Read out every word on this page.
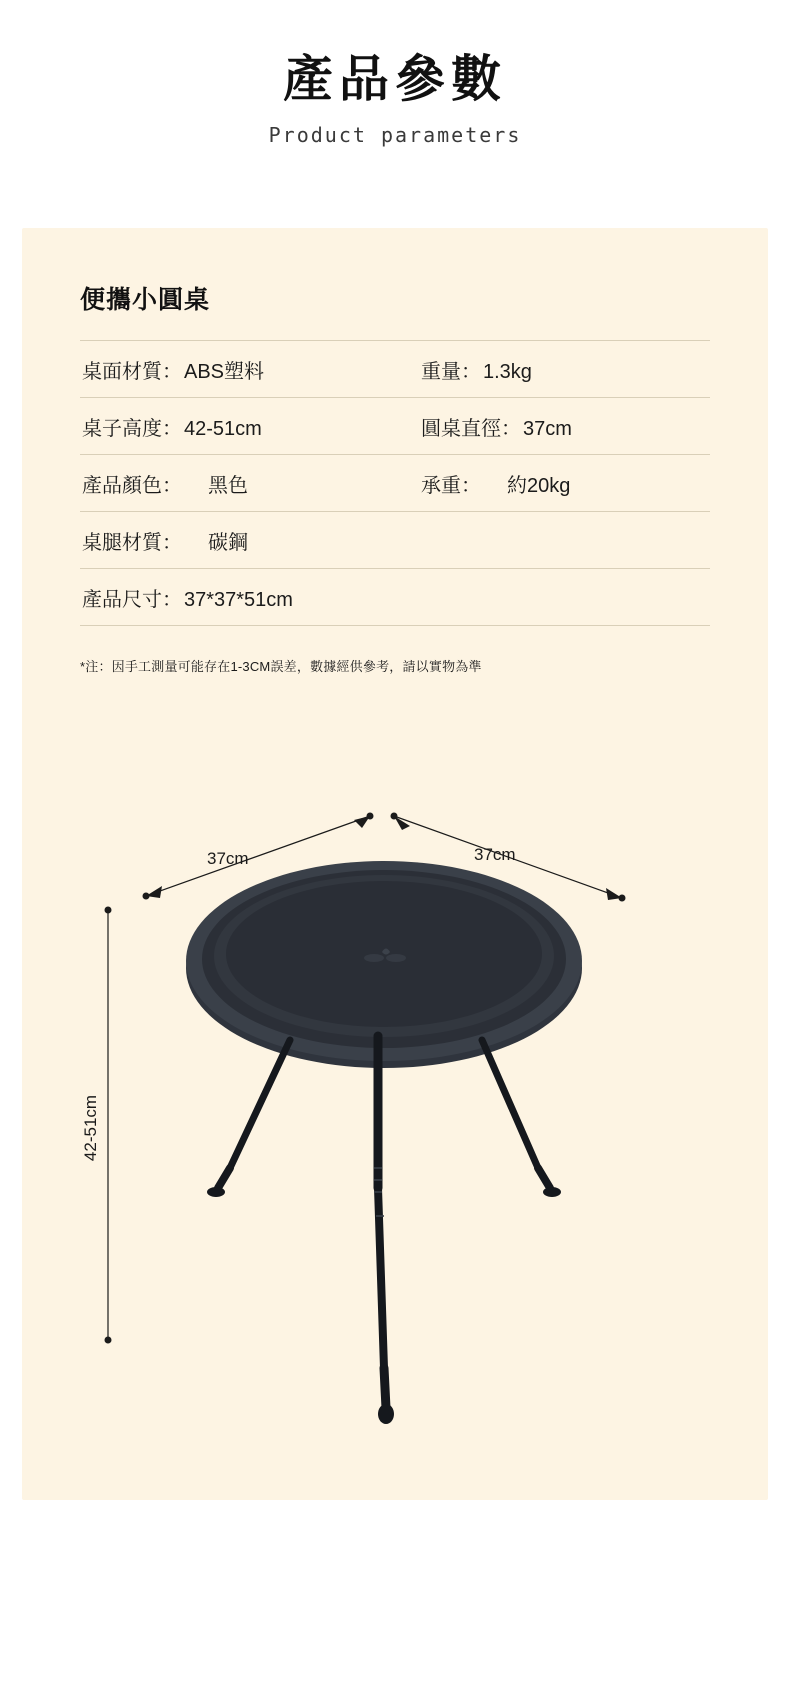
產品參數
Product parameters
便攜小圓桌
桌面材質： ABS塑料	重量： 1.3kg

桌子高度： 42-51cm	圓桌直徑： 37cm

產品顏色： 黑色	承重： 約20kg

桌腿材質： 碳鋼	

產品尺寸： 37*37*51cm	

*注：因手工測量可能存在1-3CM誤差，數據經供參考，請以實物為準
37cm	37cm
42-51cm
